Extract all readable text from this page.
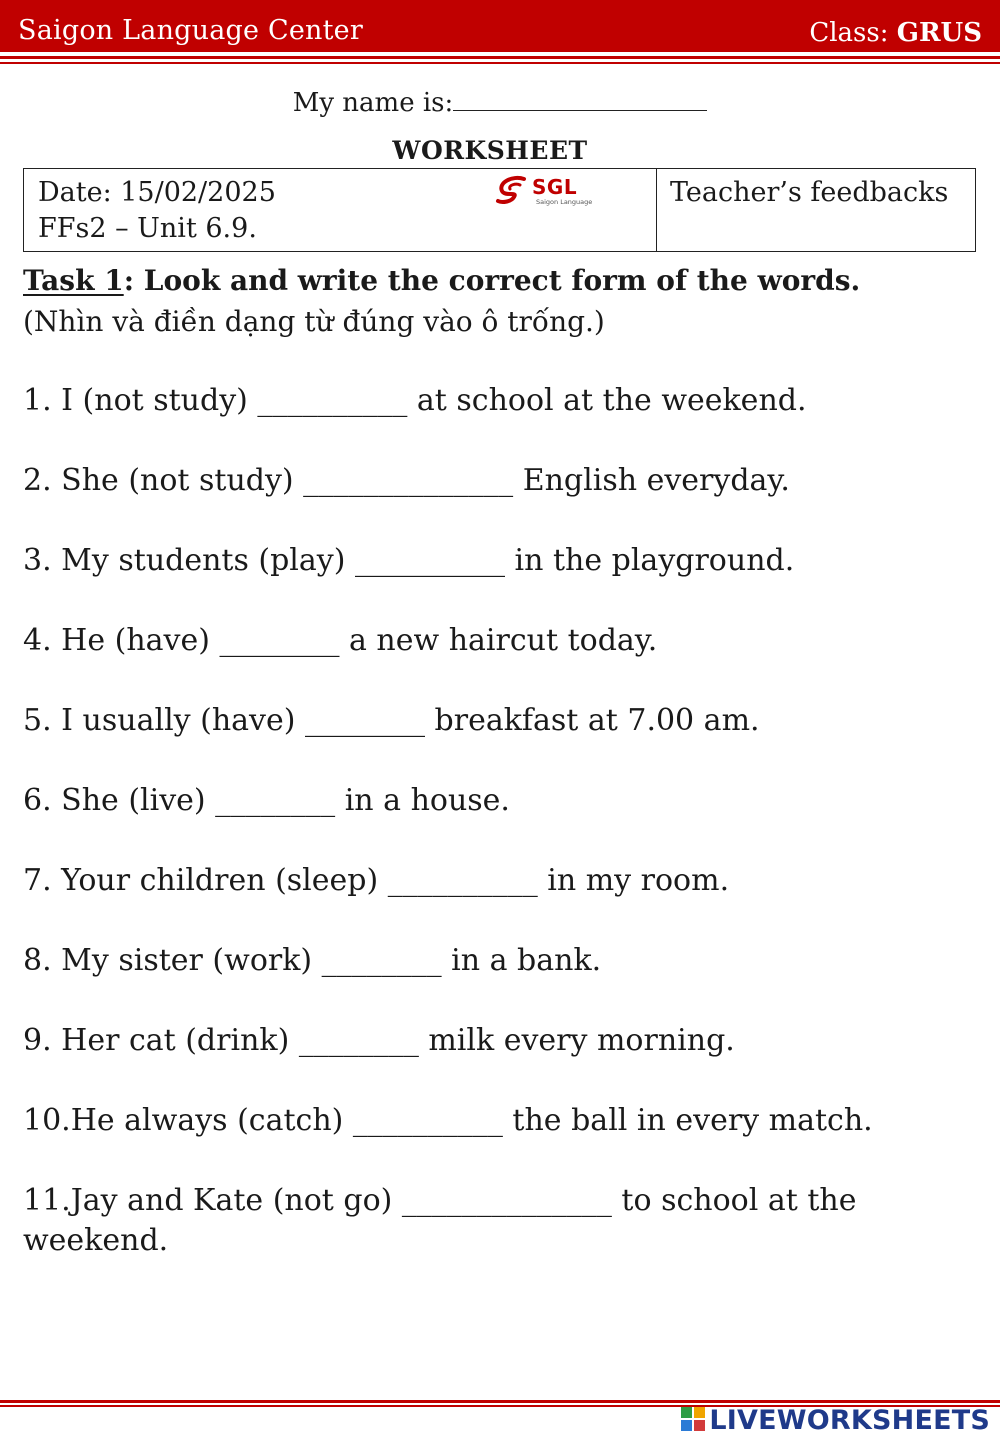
Saigon Language Center	Class: GRUS
My name is:
WORKSHEET
Date: 15/02/2025
FFs2 – Unit 6.9.
SGL
Saigon Language	Teacher’s feedbacks
Task 1: Look and write the correct form of the words.
(Nhìn và điền dạng từ đúng vào ô trống.)
1. I (not study) __________ at school at the weekend.
2. She (not study) ______________ English everyday.
3. My students (play) __________ in the playground.
4. He (have) ________ a new haircut today.
5. I usually (have) ________ breakfast at 7.00 am.
6. She (live) ________ in a house.
7. Your children (sleep) __________ in my room.
8. My sister (work) ________ in a bank.
9. Her cat (drink) ________ milk every morning.
10.He always (catch) __________ the ball in every match.
11.Jay and Kate (not go) ______________ to school at the weekend.
LIVEWORKSHEETS
